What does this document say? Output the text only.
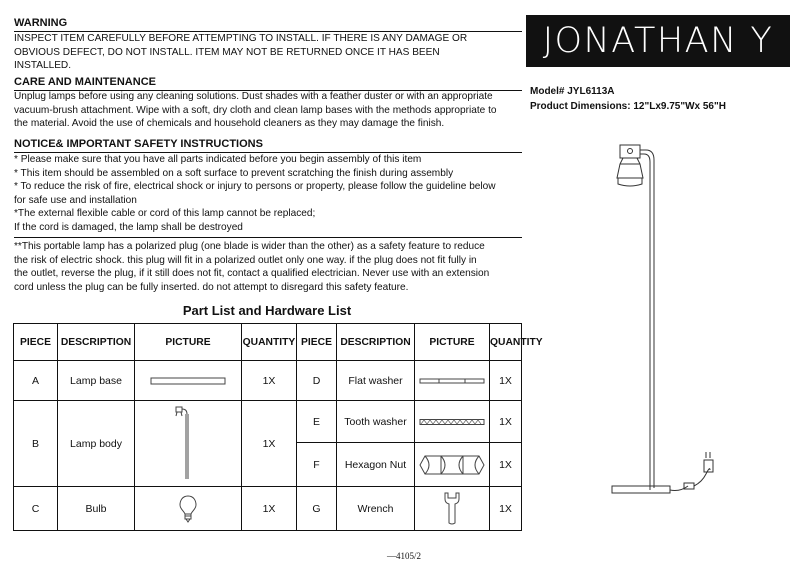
WARNING

INSPECT ITEM CAREFULLY BEFORE ATTEMPTING TO INSTALL. IF THERE IS ANY DAMAGE OR

OBVIOUS DEFECT, DO NOT INSTALL. ITEM MAY NOT BE RETURNED ONCE IT HAS BEEN

INSTALLED.

CARE AND MAINTENANCE

Unplug lamps before using any cleaning solutions. Dust shades with a feather duster or with an appropriate

vacuum-brush attachment. Wipe with a soft, dry cloth and clean lamp bases with the methods appropriate to

the material. Avoid the use of chemicals and household cleaners as they may damage the finish.

NOTICE& IMPORTANT SAFETY INSTRUCTIONS

* Please make sure that you have all parts indicated before you begin assembly of this item

* This item should be assembled on a soft surface to prevent scratching the finish during assembly

* To reduce the risk of fire, electrical shock or injury to persons or property, please follow the guideline below

for safe use and installation

*The external flexible cable or cord of this lamp cannot be replaced;

If the cord is damaged, the lamp shall be destroyed

**This portable lamp has a polarized plug (one blade is wider than the other) as a safety feature to reduce

the risk of electric shock. this plug will fit in a polarized outlet only one way. if the plug does not fit fully in

the outlet, reverse the plug, if it still does not fit, contact a qualified electrician. Never use with an extension

cord unless the plug can be fully inserted. do not attempt to disregard this safety feature.

JONATHAN Y
Model# JYL6113A
Product Dimensions: 12"Lx9.75"Wx 56"H
Part List and Hardware List
PIECE	DESCRIPTION	PICTURE	QUANTITY	PIECE	DESCRIPTION	PICTURE	QUANTITY
A	Lamp base		1X	D	Flat washer		1X
B	Lamp body		1X	E	Tooth washer		1X
				F	Hexagon Nut		1X
C	Bulb		1X	G	Wrench		1X
—4105/2
